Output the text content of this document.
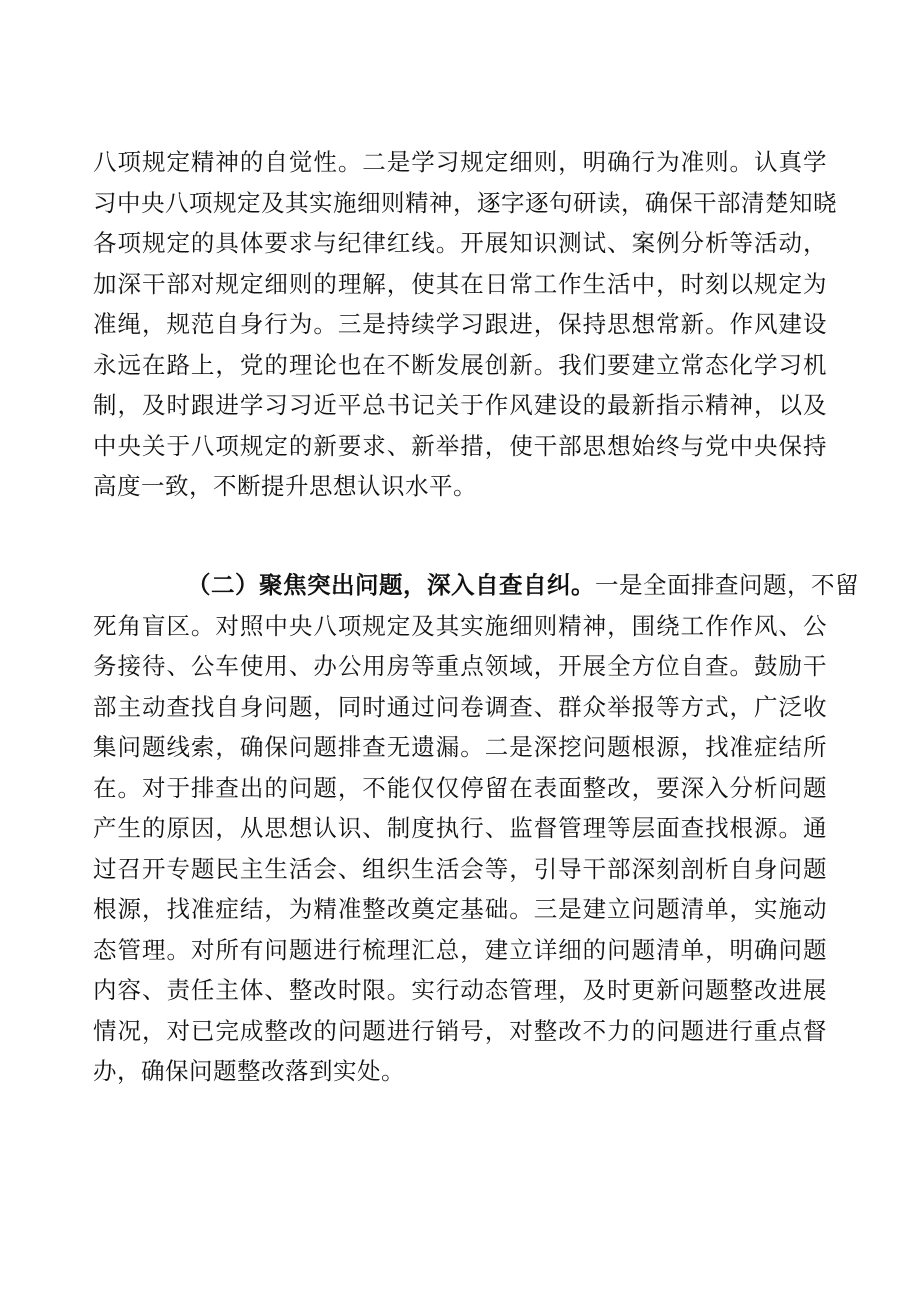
八项规定精神的自觉性。二是学习规定细则，明确行为准则。认真学
习中央八项规定及其实施细则精神，逐字逐句研读，确保干部清楚知晓
各项规定的具体要求与纪律红线。开展知识测试、案例分析等活动，
加深干部对规定细则的理解，使其在日常工作生活中，时刻以规定为
准绳，规范自身行为。三是持续学习跟进，保持思想常新。作风建设
永远在路上，党的理论也在不断发展创新。我们要建立常态化学习机
制，及时跟进学习习近平总书记关于作风建设的最新指示精神，以及
中央关于八项规定的新要求、新举措，使干部思想始终与党中央保持
高度一致，不断提升思想认识水平。
（二）聚焦突出问题，深入自查自纠。一是全面排查问题，不留
死角盲区。对照中央八项规定及其实施细则精神，围绕工作作风、公
务接待、公车使用、办公用房等重点领域，开展全方位自查。鼓励干
部主动查找自身问题，同时通过问卷调查、群众举报等方式，广泛收
集问题线索，确保问题排查无遗漏。二是深挖问题根源，找准症结所
在。对于排查出的问题，不能仅仅停留在表面整改，要深入分析问题
产生的原因，从思想认识、制度执行、监督管理等层面查找根源。通
过召开专题民主生活会、组织生活会等，引导干部深刻剖析自身问题
根源，找准症结，为精准整改奠定基础。三是建立问题清单，实施动
态管理。对所有问题进行梳理汇总，建立详细的问题清单，明确问题
内容、责任主体、整改时限。实行动态管理，及时更新问题整改进展
情况，对已完成整改的问题进行销号，对整改不力的问题进行重点督
办，确保问题整改落到实处。
